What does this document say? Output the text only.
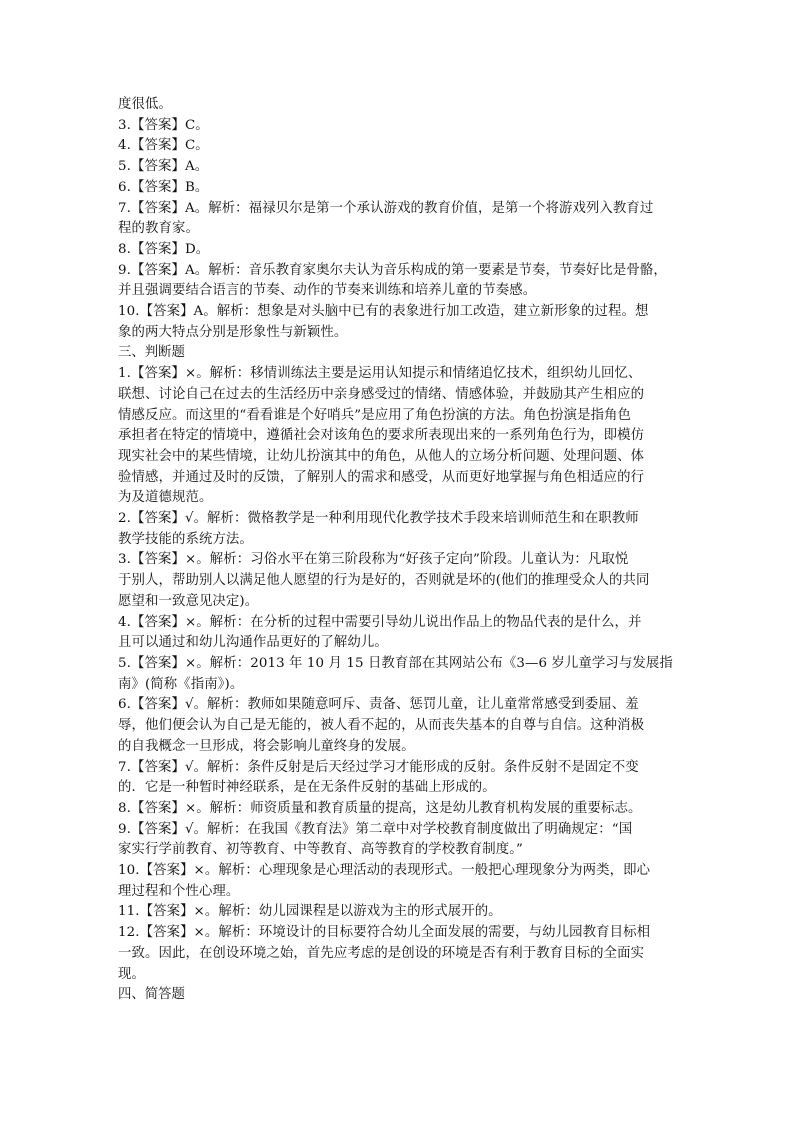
度很低。
3.【答案】C。
4.【答案】C。
5.【答案】A。
6.【答案】B。
7.【答案】A。解析：福禄贝尔是第一个承认游戏的教育价值，是第一个将游戏列入教育过
程的教育家。
8.【答案】D。
9.【答案】A。解析：音乐教育家奥尔夫认为音乐构成的第一要素是节奏，节奏好比是骨骼，
并且强调要结合语言的节奏、动作的节奏来训练和培养儿童的节奏感。
10.【答案】A。解析：想象是对头脑中已有的表象进行加工改造，建立新形象的过程。想
象的两大特点分别是形象性与新颖性。
三、判断题
1.【答案】×。解析：移情训练法主要是运用认知提示和情绪追忆技术，组织幼儿回忆、
联想、讨论自己在过去的生活经历中亲身感受过的情绪、情感体验，并鼓励其产生相应的
情感反应。而这里的“看看谁是个好哨兵”是应用了角色扮演的方法。角色扮演是指角色
承担者在特定的情境中，遵循社会对该角色的要求所表现出来的一系列角色行为，即模仿
现实社会中的某些情境，让幼儿扮演其中的角色，从他人的立场分析问题、处理问题、体
验情感，并通过及时的反馈，了解别人的需求和感受，从而更好地掌握与角色相适应的行
为及道德规范。
2.【答案】√。解析：微格教学是一种利用现代化教学技术手段来培训师范生和在职教师
教学技能的系统方法。
3.【答案】×。解析：习俗水平在第三阶段称为“好孩子定向”阶段。儿童认为：凡取悦
于别人，帮助别人以满足他人愿望的行为是好的，否则就是坏的(他们的推理受众人的共同
愿望和一致意见决定)。
4.【答案】×。解析：在分析的过程中需要引导幼儿说出作品上的物品代表的是什么，并
且可以通过和幼儿沟通作品更好的了解幼儿。
5.【答案】×。解析：2013 年 10 月 15 日教育部在其网站公布《3—6 岁儿童学习与发展指
南》(简称《指南》)。
6.【答案】√。解析：教师如果随意呵斥、责备、惩罚儿童，让儿童常常感受到委屈、羞
辱，他们便会认为自己是无能的，被人看不起的，从而丧失基本的自尊与自信。这种消极
的自我概念一旦形成，将会影响儿童终身的发展。
7.【答案】√。解析：条件反射是后天经过学习才能形成的反射。条件反射不是固定不变
的．它是一种暂时神经联系，是在无条件反射的基础上形成的。
8.【答案】×。解析：师资质量和教育质量的提高，这是幼儿教育机构发展的重要标志。
9.【答案】√。解析：在我国《教育法》第二章中对学校教育制度做出了明确规定：“国
家实行学前教育、初等教育、中等教育、高等教育的学校教育制度。”
10.【答案】×。解析：心理现象是心理活动的表现形式。一般把心理现象分为两类，即心
理过程和个性心理。
11.【答案】×。解析：幼儿园课程是以游戏为主的形式展开的。
12.【答案】×。解析：环境设计的目标要符合幼儿全面发展的需要，与幼儿园教育目标相
一致。因此，在创设环境之始，首先应考虑的是创设的环境是否有利于教育目标的全面实
现。
四、简答题
